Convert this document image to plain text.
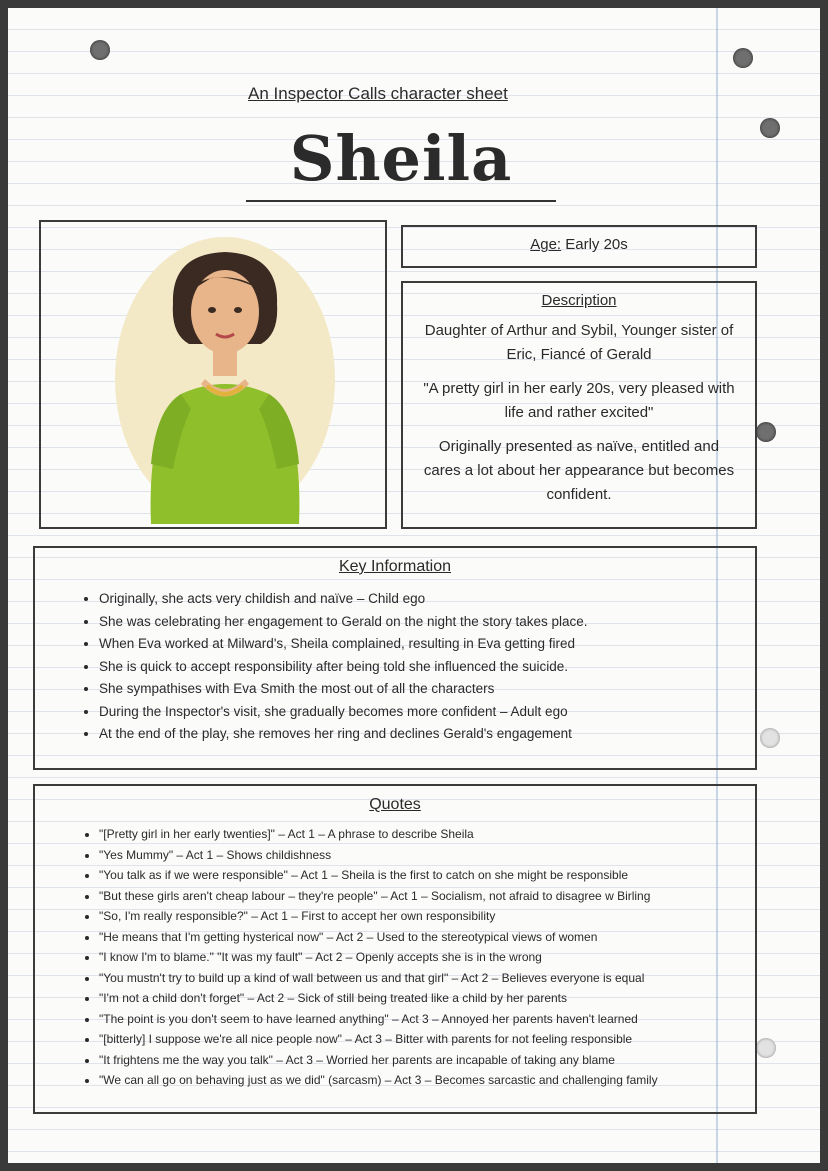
An Inspector Calls character sheet
Sheila
Age: Early 20s
Description

Daughter of Arthur and Sybil, Younger sister of Eric, Fiancé of Gerald

"A pretty girl in her early 20s, very pleased with life and rather excited"

Originally presented as naïve, entitled and cares a lot about her appearance but becomes confident.

Key Information
• Originally, she acts very childish and naïve – Child ego
• She was celebrating her engagement to Gerald on the night the story takes place.
• When Eva worked at Milward's, Sheila complained, resulting in Eva getting fired
• She is quick to accept responsibility after being told she influenced the suicide.
• She sympathises with Eva Smith the most out of all the characters
• During the Inspector's visit, she gradually becomes more confident – Adult ego
• At the end of the play, she removes her ring and declines Gerald's engagement
Quotes
• "[Pretty girl in her early twenties]" – Act 1 – A phrase to describe Sheila
• "Yes Mummy" – Act 1 – Shows childishness
• "You talk as if we were responsible" – Act 1 – Sheila is the first to catch on she might be responsible
• "But these girls aren't cheap labour – they're people" – Act 1 – Socialism, not afraid to disagree w Birling
• "So, I'm really responsible?" – Act 1 – First to accept her own responsibility
• "He means that I'm getting hysterical now" – Act 2 – Used to the stereotypical views of women
• "I know I'm to blame." "It was my fault" – Act 2 – Openly accepts she is in the wrong
• "You mustn't try to build up a kind of wall between us and that girl" – Act 2 – Believes everyone is equal
• "I'm not a child don't forget" – Act 2 – Sick of still being treated like a child by her parents
• "The point is you don't seem to have learned anything" – Act 3 – Annoyed her parents haven't learned
• "[bitterly] I suppose we're all nice people now" – Act 3 – Bitter with parents for not feeling responsible
• "It frightens me the way you talk" – Act 3 – Worried her parents are incapable of taking any blame
• "We can all go on behaving just as we did" (sarcasm) – Act 3 – Becomes sarcastic and challenging family
